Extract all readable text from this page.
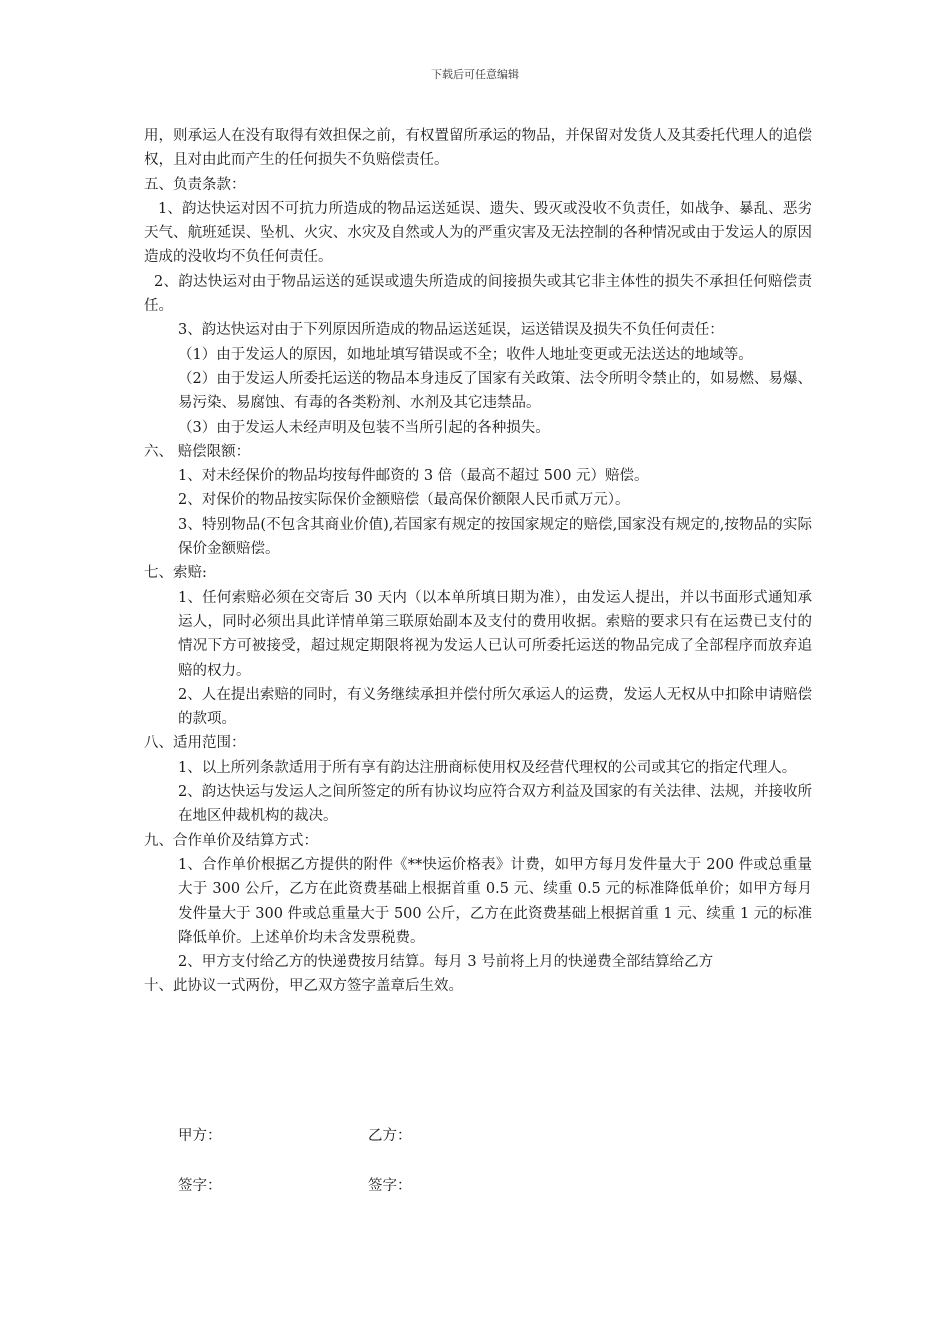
下载后可任意编辑

用，则承运人在没有取得有效担保之前，有权置留所承运的物品，并保留对发货人及其委托代理人的追偿权，且对由此而产生的任何损失不负赔偿责任。

五、负责条款：

1、韵达快运对因不可抗力所造成的物品运送延误、遗失、毁灭或没收不负责任，如战争、暴乱、恶劣天气、航班延误、坠机、火灾、水灾及自然或人为的严重灾害及无法控制的各种情况或由于发运人的原因造成的没收均不负任何责任。

2、韵达快运对由于物品运送的延误或遗失所造成的间接损失或其它非主体性的损失不承担任何赔偿责任。

3、韵达快运对由于下列原因所造成的物品运送延误，运送错误及损失不负任何责任：

（1）由于发运人的原因，如地址填写错误或不全；收件人地址变更或无法送达的地域等。

（2）由于发运人所委托运送的物品本身违反了国家有关政策、法令所明令禁止的，如易燃、易爆、易污染、易腐蚀、有毒的各类粉剂、水剂及其它违禁品。

（3）由于发运人未经声明及包装不当所引起的各种损失。

六、 赔偿限额：

1、对未经保价的物品均按每件邮资的 3 倍（最高不超过 500 元）赔偿。

2、对保价的物品按实际保价金额赔偿（最高保价额限人民币贰万元）。

3、特别物品(不包含其商业价值),若国家有规定的按国家规定的赔偿,国家没有规定的,按物品的实际保价金额赔偿。

七、索赔:

1、任何索赔必须在交寄后 30 天内（以本单所填日期为准），由发运人提出，并以书面形式通知承运人，同时必须出具此详情单第三联原始副本及支付的费用收据。索赔的要求只有在运费已支付的情况下方可被接受，超过规定期限将视为发运人已认可所委托运送的物品完成了全部程序而放弃追赔的权力。

2、人在提出索赔的同时，有义务继续承担并偿付所欠承运人的运费，发运人无权从中扣除申请赔偿的款项。

八、适用范围：

1、以上所列条款适用于所有享有韵达注册商标使用权及经营代理权的公司或其它的指定代理人。

2、韵达快运与发运人之间所签定的所有协议均应符合双方利益及国家的有关法律、法规，并接收所在地区仲裁机构的裁决。

九、合作单价及结算方式：

1、合作单价根据乙方提供的附件《**快运价格表》计费，如甲方每月发件量大于 200 件或总重量大于 300 公斤，乙方在此资费基础上根据首重 0.5 元、续重 0.5 元的标准降低单价；如甲方每月发件量大于 300 件或总重量大于 500 公斤，乙方在此资费基础上根据首重 1 元、续重 1 元的标准降低单价。上述单价均未含发票税费。

2、甲方支付给乙方的快递费按月结算。每月 3 号前将上月的快递费全部结算给乙方

十、此协议一式两份，甲乙双方签字盖章后生效。

甲方：	乙方：
签字：	签字：
